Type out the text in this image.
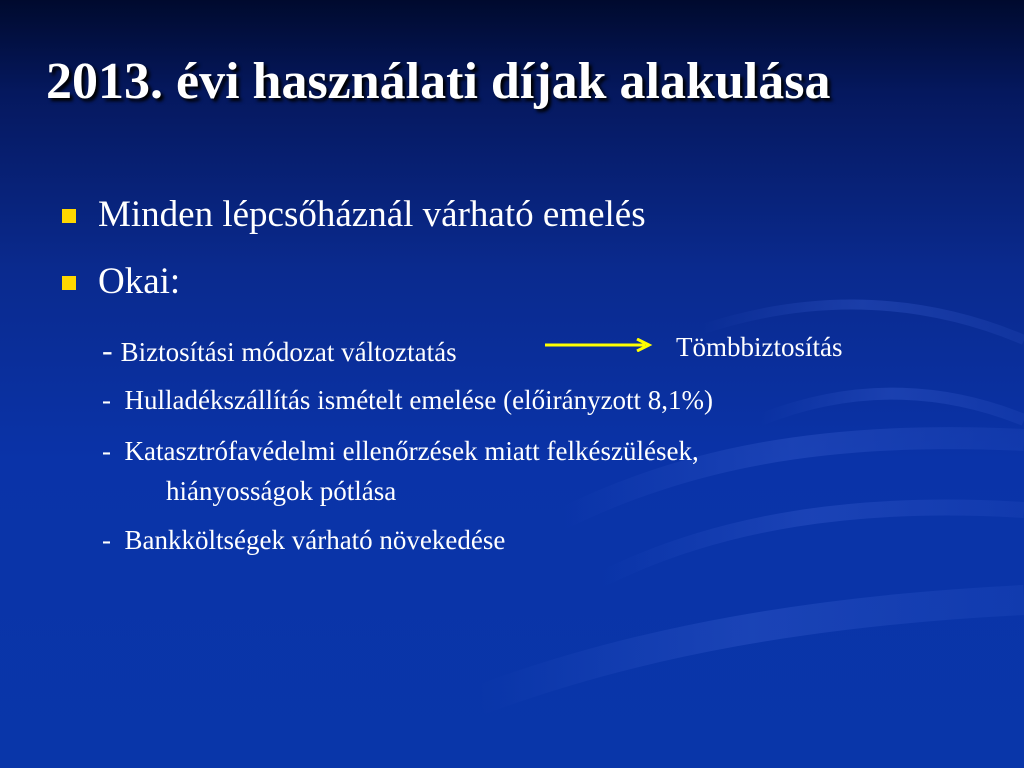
2013. évi használati díjak alakulása
Minden lépcsőháznál várható emelés
Okai:
- Biztosítási módozat változtatás	Tömbbiztosítás
-  Hulladékszállítás ismételt emelése (előirányzott 8,1%)
-  Katasztrófavédelmi ellenőrzések miatt felkészülések,
hiányosságok pótlása
-  Bankköltségek várható növekedése
